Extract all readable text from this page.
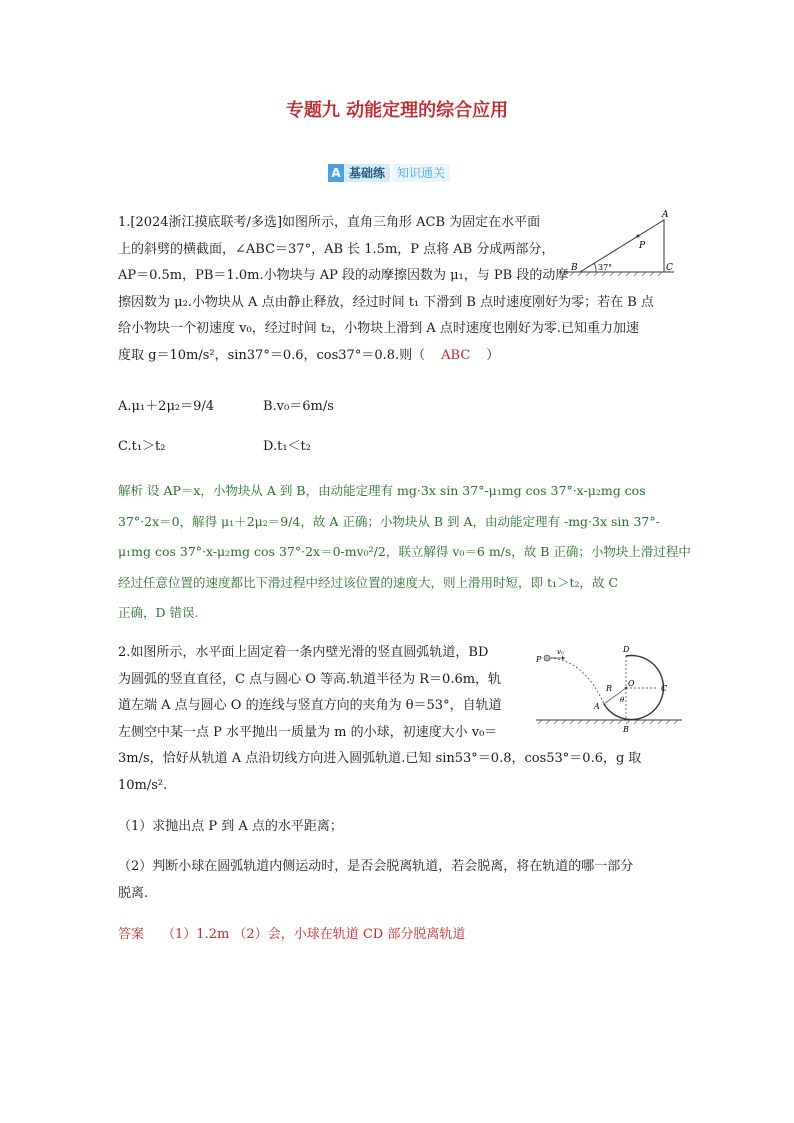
专题九 动能定理的综合应用
A 基础练	知识通关
1.[2024浙江摸底联考/多选]如图所示，直角三角形 ACB 为固定在水平面
上的斜劈的横截面，∠ABC＝37°，AB 长 1.5m，P 点将 AB 分成两部分，
AP＝0.5m，PB＝1.0m.小物块与 AP 段的动摩擦因数为 μ₁，与 PB 段的动摩
擦因数为 μ₂.小物块从 A 点由静止释放，经过时间 t₁ 下滑到 B 点时速度刚好为零；若在 B 点
给小物块一个初速度 v₀，经过时间 t₂，小物块上滑到 A 点时速度也刚好为零.已知重力加速
度取 g＝10m/s²，sin37°＝0.6，cos37°＝0.8.则（ ABC ）
A
B	C
P
37°
A.μ₁＋2μ₂＝9/4	B.v₀＝6m/s
C.t₁＞t₂	D.t₁＜t₂
解析 设 AP＝x，小物块从 A 到 B，由动能定理有 mg·3x sin 37°-μ₁mg cos 37°·x-μ₂mg cos
37°·2x＝0，解得 μ₁＋2μ₂＝9/4，故 A 正确；小物块从 B 到 A，由动能定理有 -mg·3x sin 37°-
μ₁mg cos 37°·x-μ₂mg cos 37°·2x＝0-mv₀²/2，联立解得 v₀＝6 m/s，故 B 正确；小物块上滑过程中
经过任意位置的速度都比下滑过程中经过该位置的速度大，则上滑用时短，即 t₁＞t₂，故 C
正确，D 错误.
2.如图所示，水平面上固定着一条内壁光滑的竖直圆弧轨道，BD
为圆弧的竖直直径，C 点与圆心 O 等高.轨道半径为 R＝0.6m，轨
道左端 A 点与圆心 O 的连线与竖直方向的夹角为 θ＝53°，自轨道
左侧空中某一点 P 水平抛出一质量为 m 的小球，初速度大小 v₀＝
3m/s，恰好从轨道 A 点沿切线方向进入圆弧轨道.已知 sin53°＝0.8，cos53°＝0.6，g 取
10m/s².
P
v₀	D
R
O
C
A
θ
B
（1）求抛出点 P 到 A 点的水平距离；
（2）判断小球在圆弧轨道内侧运动时，是否会脱离轨道，若会脱离，将在轨道的哪一部分
脱离.
答案 （1）1.2m （2）会，小球在轨道 CD 部分脱离轨道
